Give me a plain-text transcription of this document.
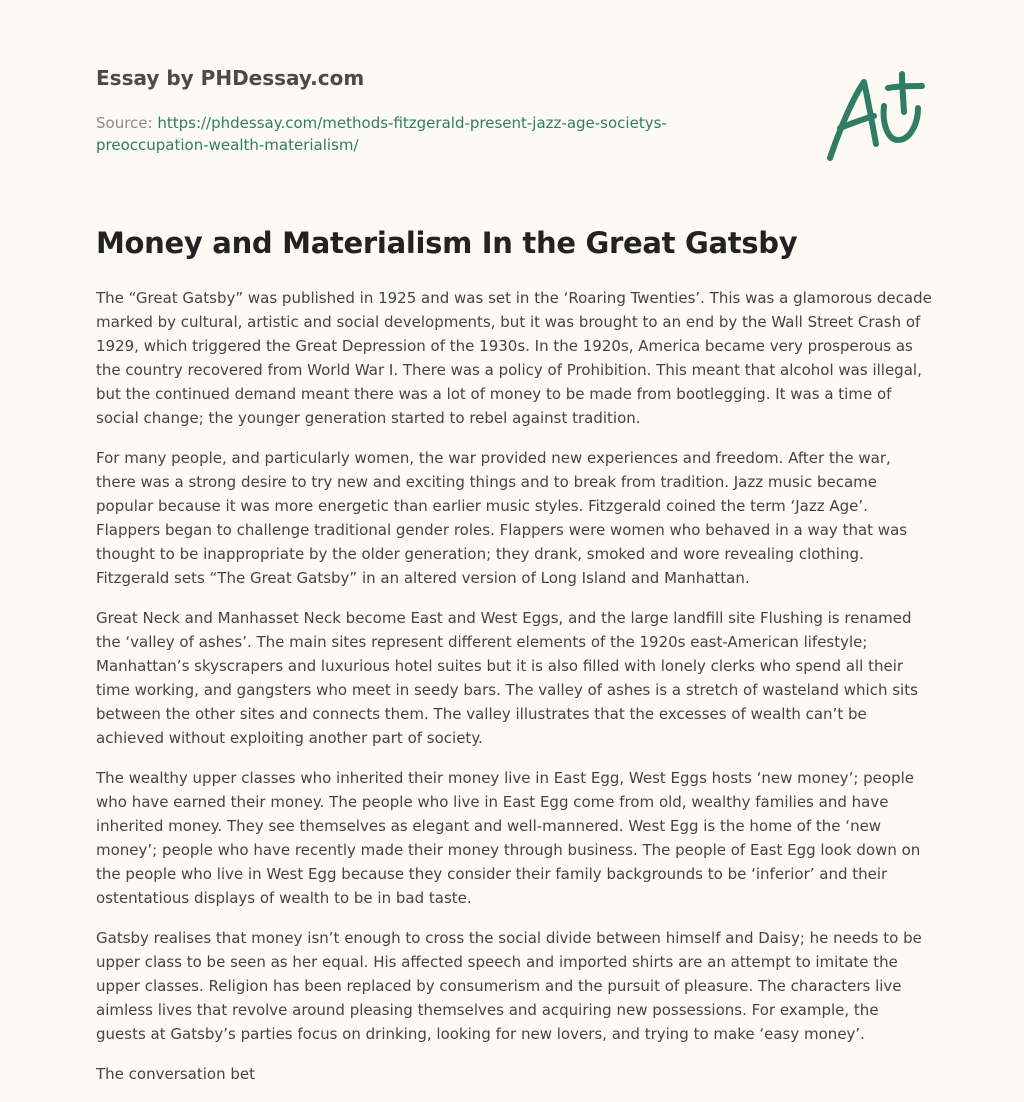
Essay by PHDessay.com
Source: https://phdessay.com/methods-fitzgerald-present-jazz-age-societys-preoccupation-wealth-materialism/
Money and Materialism In the Great Gatsby

The “Great Gatsby” was published in 1925 and was set in the ‘Roaring Twenties’. This was a glamorous decade marked by cultural, artistic and social developments, but it was brought to an end by the Wall Street Crash of 1929, which triggered the Great Depression of the 1930s. In the 1920s, America became very prosperous as the country recovered from World War I. There was a policy of Prohibition. This meant that alcohol was illegal, but the continued demand meant there was a lot of money to be made from bootlegging. It was a time of social change; the younger generation started to rebel against tradition.

For many people, and particularly women, the war provided new experiences and freedom. After the war, there was a strong desire to try new and exciting things and to break from tradition. Jazz music became popular because it was more energetic than earlier music styles. Fitzgerald coined the term ‘Jazz Age’. Flappers began to challenge traditional gender roles. Flappers were women who behaved in a way that was thought to be inappropriate by the older generation; they drank, smoked and wore revealing clothing. Fitzgerald sets “The Great Gatsby” in an altered version of Long Island and Manhattan.

Great Neck and Manhasset Neck become East and West Eggs, and the large landfill site Flushing is renamed the ‘valley of ashes’. The main sites represent different elements of the 1920s east-American lifestyle; Manhattan’s skyscrapers and luxurious hotel suites but it is also filled with lonely clerks who spend all their time working, and gangsters who meet in seedy bars. The valley of ashes is a stretch of wasteland which sits between the other sites and connects them. The valley illustrates that the excesses of wealth can’t be achieved without exploiting another part of society.

The wealthy upper classes who inherited their money live in East Egg, West Eggs hosts ‘new money’; people who have earned their money. The people who live in East Egg come from old, wealthy families and have inherited money. They see themselves as elegant and well-mannered. West Egg is the home of the ‘new money’; people who have recently made their money through business. The people of East Egg look down on the people who live in West Egg because they consider their family backgrounds to be ‘inferior’ and their ostentatious displays of wealth to be in bad taste.

Gatsby realises that money isn’t enough to cross the social divide between himself and Daisy; he needs to be upper class to be seen as her equal. His affected speech and imported shirts are an attempt to imitate the upper classes. Religion has been replaced by consumerism and the pursuit of pleasure. The characters live aimless lives that revolve around pleasing themselves and acquiring new possessions. For example, the guests at Gatsby’s parties focus on drinking, looking for new lovers, and trying to make ‘easy money’.

The conversation bet
